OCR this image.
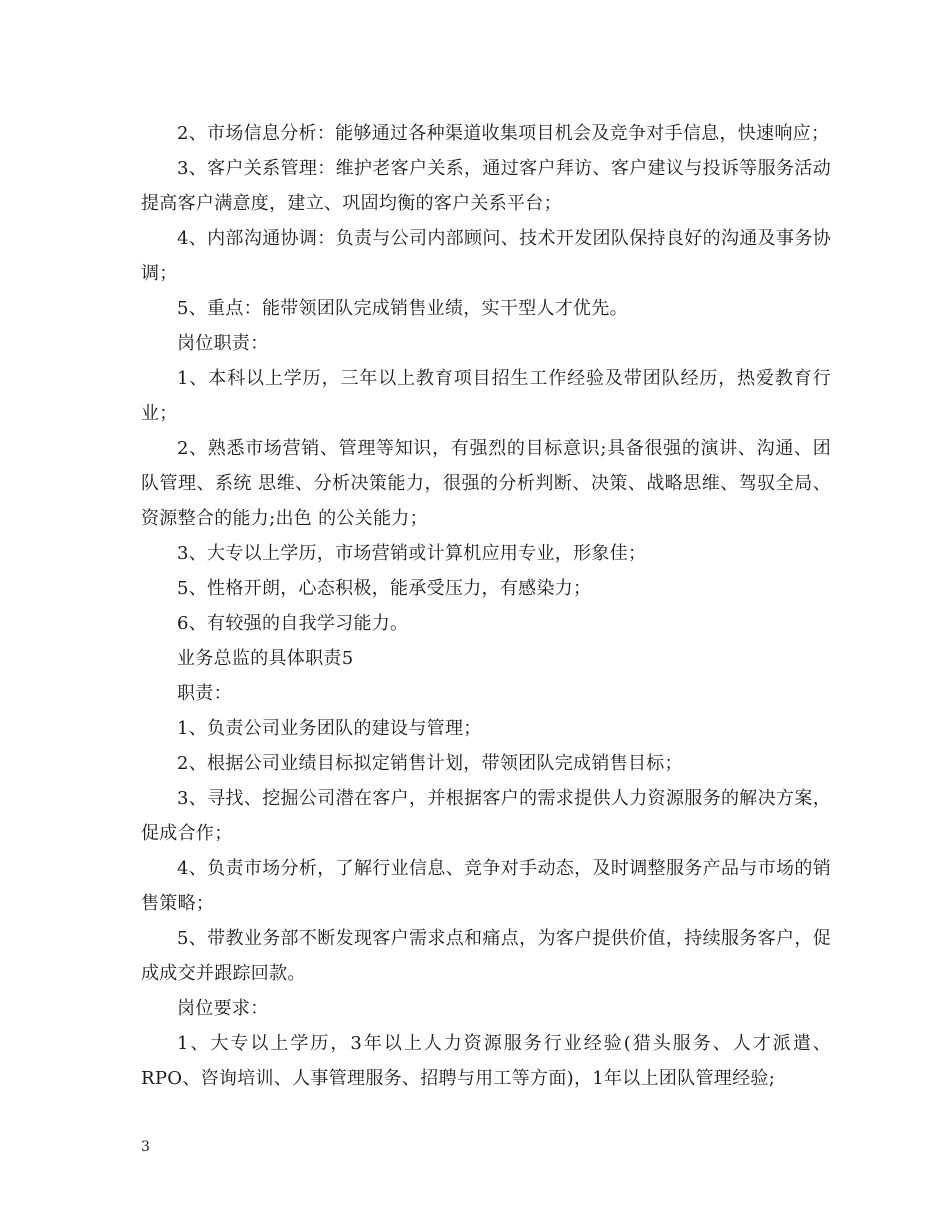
2、市场信息分析：能够通过各种渠道收集项目机会及竞争对手信息，快速响应；

3、客户关系管理：维护老客户关系，通过客户拜访、客户建议与投诉等服务活动提高客户满意度，建立、巩固均衡的客户关系平台；

4、内部沟通协调：负责与公司内部顾问、技术开发团队保持良好的沟通及事务协调；

5、重点：能带领团队完成销售业绩，实干型人才优先。

岗位职责：

1、本科以上学历，三年以上教育项目招生工作经验及带团队经历，热爱教育行业；

2、熟悉市场营销、管理等知识，有强烈的目标意识;具备很强的演讲、沟通、团队管理、系统 思维、分析决策能力，很强的分析判断、决策、战略思维、驾驭全局、资源整合的能力;出色 的公关能力；

3、大专以上学历，市场营销或计算机应用专业，形象佳；

5、性格开朗，心态积极，能承受压力，有感染力；

6、有较强的自我学习能力。

业务总监的具体职责5

职责：

1、负责公司业务团队的建设与管理；

2、根据公司业绩目标拟定销售计划，带领团队完成销售目标；

3、寻找、挖掘公司潜在客户，并根据客户的需求提供人力资源服务的解决方案，促成合作；

4、负责市场分析，了解行业信息、竞争对手动态，及时调整服务产品与市场的销售策略；

5、带教业务部不断发现客户需求点和痛点，为客户提供价值，持续服务客户，促成成交并跟踪回款。

岗位要求：

1、大专以上学历，3年以上人力资源服务行业经验(猎头服务、人才派遣、RPO、咨询培训、人事管理服务、招聘与用工等方面)，1年以上团队管理经验;

3
